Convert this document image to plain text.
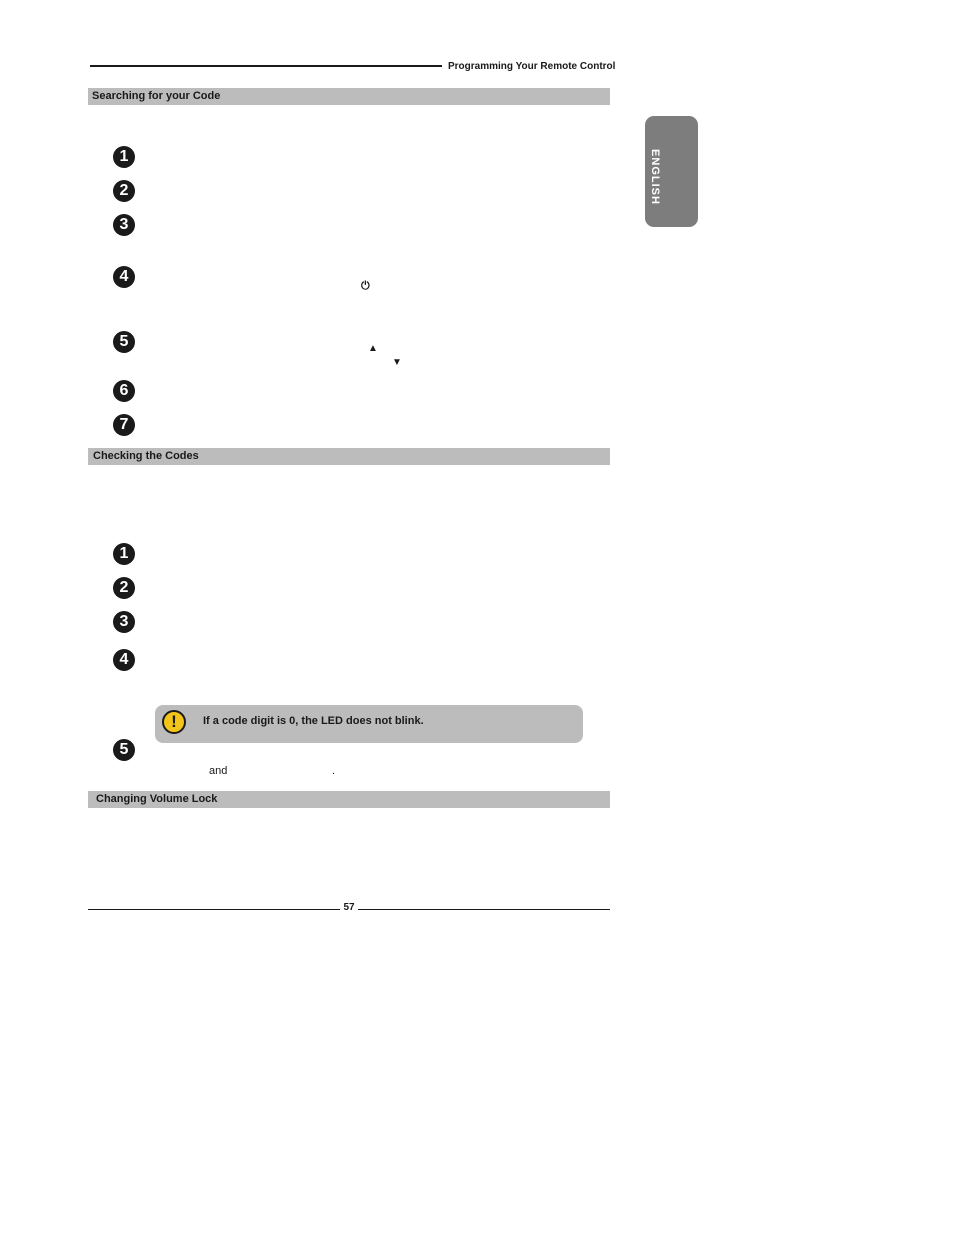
Programming Your Remote Control
ENGLISH
Searching for your Code
1
2
3
4
⏻
5	▲
▼
6
7
Checking the Codes
1
2
3
4
!	If a code digit is 0, the LED does not blink.
5
and	.
Changing Volume Lock
57
